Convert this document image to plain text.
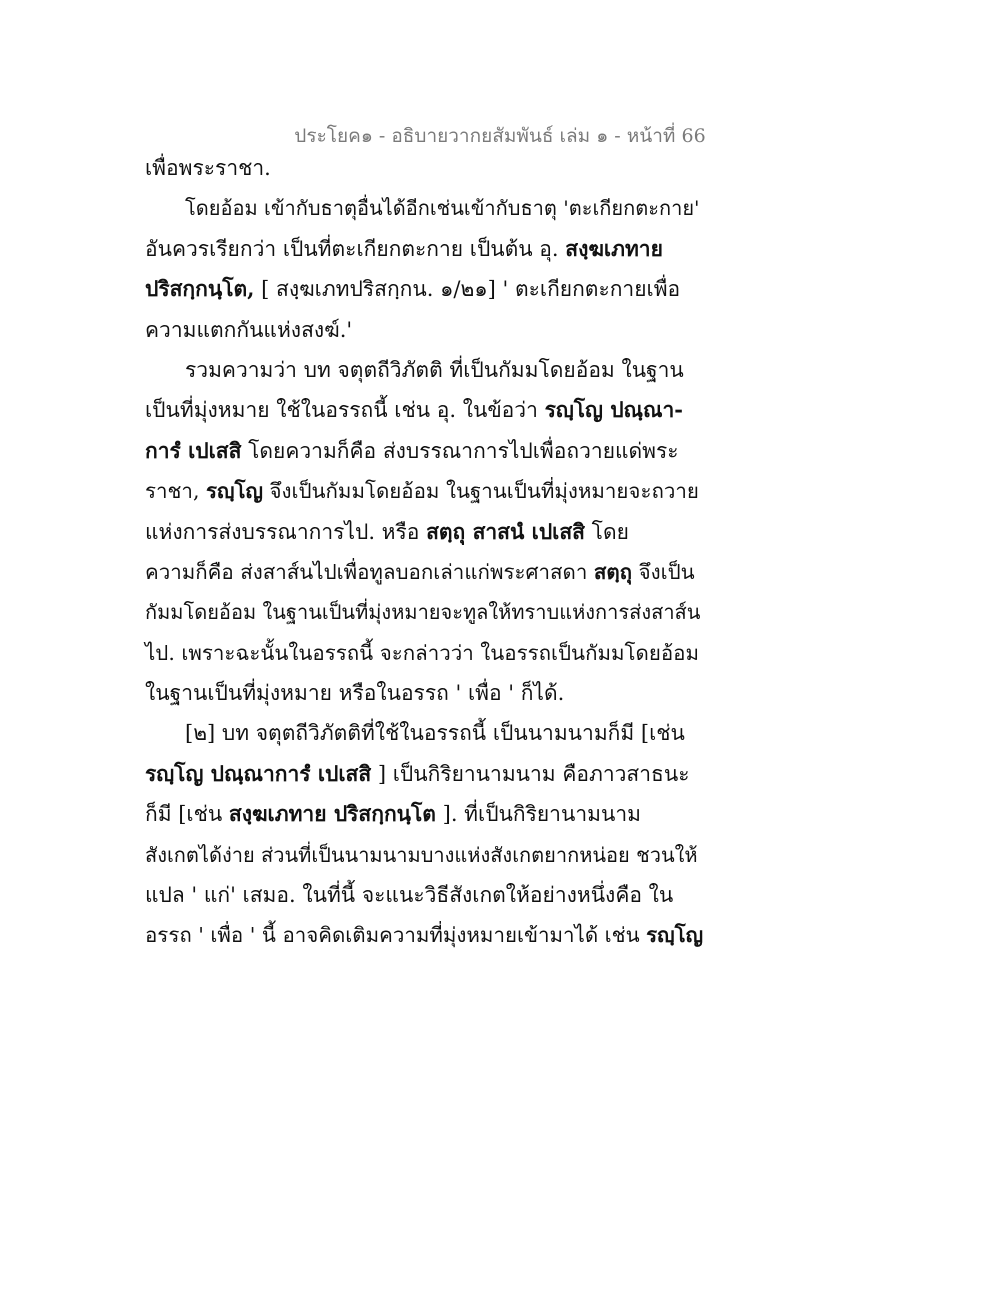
ประโยค๑ - อธิบายวากยสัมพันธ์ เล่ม ๑ - หน้าที่ 66
เพื่อพระราชา.
โดยอ้อม เข้ากับธาตุอื่นได้อีกเช่นเข้ากับธาตุ 'ตะเกียกตะกาย'
อันควรเรียกว่า เป็นที่ตะเกียกตะกาย เป็นต้น อุ. สงฺฆเภทาย
ปริสกฺกนฺโต, [ สงฺฆเภทปริสกฺกน. ๑/๒๑] ' ตะเกียกตะกายเพื่อ
ความแตกกันแห่งสงฆ์.'
รวมความว่า บท จตุตถีวิภัตติ ที่เป็นกัมมโดยอ้อม ในฐาน
เป็นที่มุ่งหมาย ใช้ในอรรถนี้ เช่น อุ. ในข้อว่า รญฺโญ ปณฺณา-
การํ เปเสสิ โดยความก็คือ ส่งบรรณาการไปเพื่อถวายแด่พระ
ราชา, รญฺโญ จึงเป็นกัมมโดยอ้อม ในฐานเป็นที่มุ่งหมายจะถวาย
แห่งการส่งบรรณาการไป. หรือ สตฺถุ สาสนํ เปเสสิ โดย
ความก็คือ ส่งสาส์นไปเพื่อทูลบอกเล่าแก่พระศาสดา สตฺถุ จึงเป็น
กัมมโดยอ้อม ในฐานเป็นที่มุ่งหมายจะทูลให้ทราบแห่งการส่งสาส์น
ไป. เพราะฉะนั้นในอรรถนี้ จะกล่าวว่า ในอรรถเป็นกัมมโดยอ้อม
ในฐานเป็นที่มุ่งหมาย หรือในอรรถ ' เพื่อ ' ก็ได้.
[๒] บท จตุตถีวิภัตติที่ใช้ในอรรถนี้ เป็นนามนามก็มี [เช่น
รญฺโญ ปณฺณาการํ เปเสสิ ] เป็นกิริยานามนาม คือภาวสาธนะ
ก็มี [เช่น สงฺฆเภทาย ปริสกฺกนฺโต ]. ที่เป็นกิริยานามนาม
สังเกตได้ง่าย ส่วนที่เป็นนามนามบางแห่งสังเกตยากหน่อย ชวนให้
แปล ' แก่' เสมอ. ในที่นี้ จะแนะวิธีสังเกตให้อย่างหนึ่งคือ ใน
อรรถ ' เพื่อ ' นี้ อาจคิดเติมความที่มุ่งหมายเข้ามาได้ เช่น รญฺโญ
